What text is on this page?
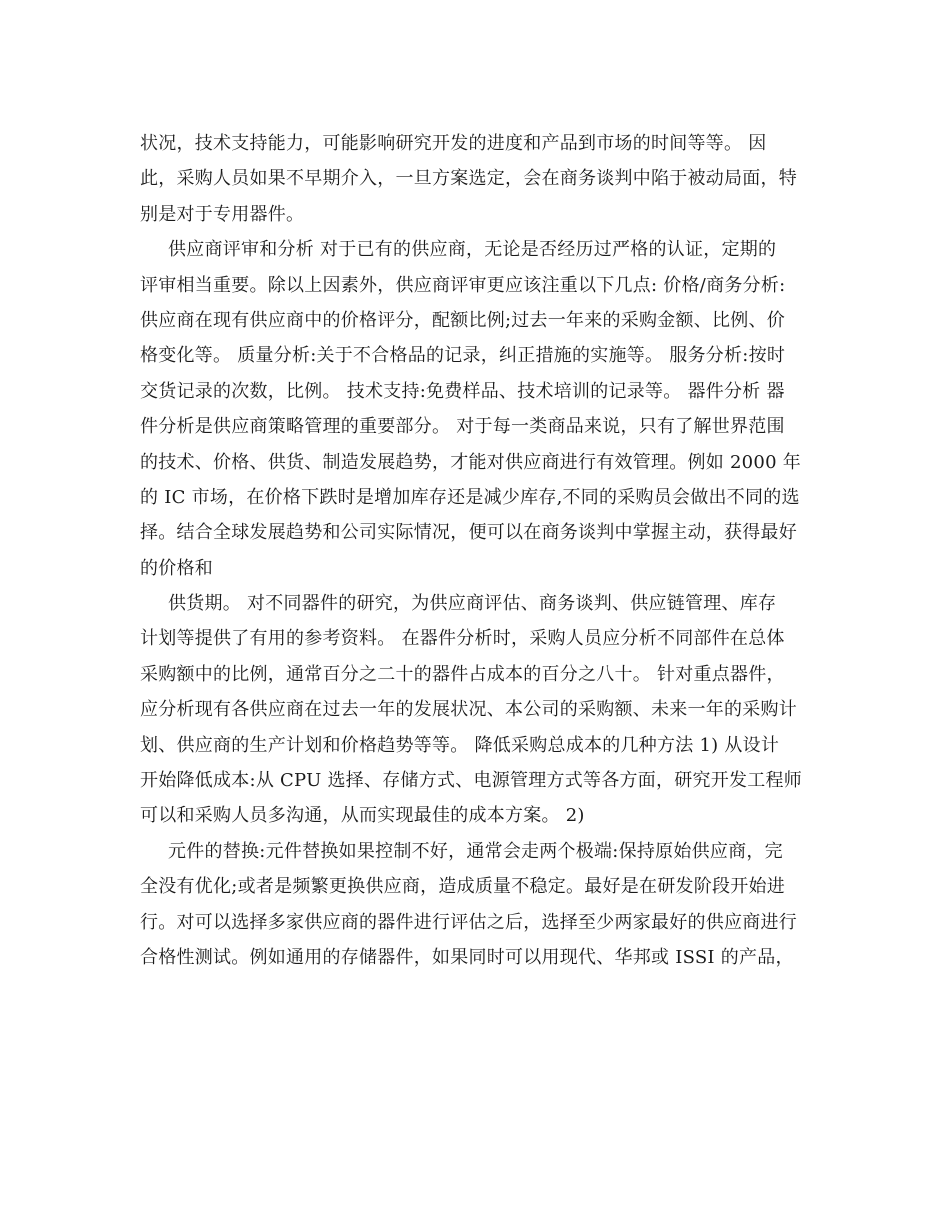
状况，技术支持能力，可能影响研究开发的进度和产品到市场的时间等等。 因
此，采购人员如果不早期介入，一旦方案选定，会在商务谈判中陷于被动局面，特
别是对于专用器件。
供应商评审和分析 对于已有的供应商，无论是否经历过严格的认证，定期的
评审相当重要。除以上因素外，供应商评审更应该注重以下几点: 价格/商务分析:
供应商在现有供应商中的价格评分，配额比例;过去一年来的采购金额、比例、价
格变化等。 质量分析:关于不合格品的记录，纠正措施的实施等。 服务分析:按时
交货记录的次数，比例。 技术支持:免费样品、技术培训的记录等。 器件分析 器
件分析是供应商策略管理的重要部分。 对于每一类商品来说，只有了解世界范围
的技术、价格、供货、制造发展趋势，才能对供应商进行有效管理。例如 2000 年
的 IC 市场，在价格下跌时是增加库存还是减少库存,不同的采购员会做出不同的选
择。结合全球发展趋势和公司实际情况，便可以在商务谈判中掌握主动，获得最好
的价格和
供货期。 对不同器件的研究，为供应商评估、商务谈判、供应链管理、库存
计划等提供了有用的参考资料。 在器件分析时，采购人员应分析不同部件在总体
采购额中的比例，通常百分之二十的器件占成本的百分之八十。 针对重点器件，
应分析现有各供应商在过去一年的发展状况、本公司的采购额、未来一年的采购计
划、供应商的生产计划和价格趋势等等。 降低采购总成本的几种方法 1) 从设计
开始降低成本:从 CPU 选择、存储方式、电源管理方式等各方面，研究开发工程师
可以和采购人员多沟通，从而实现最佳的成本方案。 2)
元件的替换:元件替换如果控制不好，通常会走两个极端:保持原始供应商，完
全没有优化;或者是频繁更换供应商，造成质量不稳定。最好是在研发阶段开始进
行。对可以选择多家供应商的器件进行评估之后，选择至少两家最好的供应商进行
合格性测试。例如通用的存储器件，如果同时可以用现代、华邦或 ISSI 的产品，
